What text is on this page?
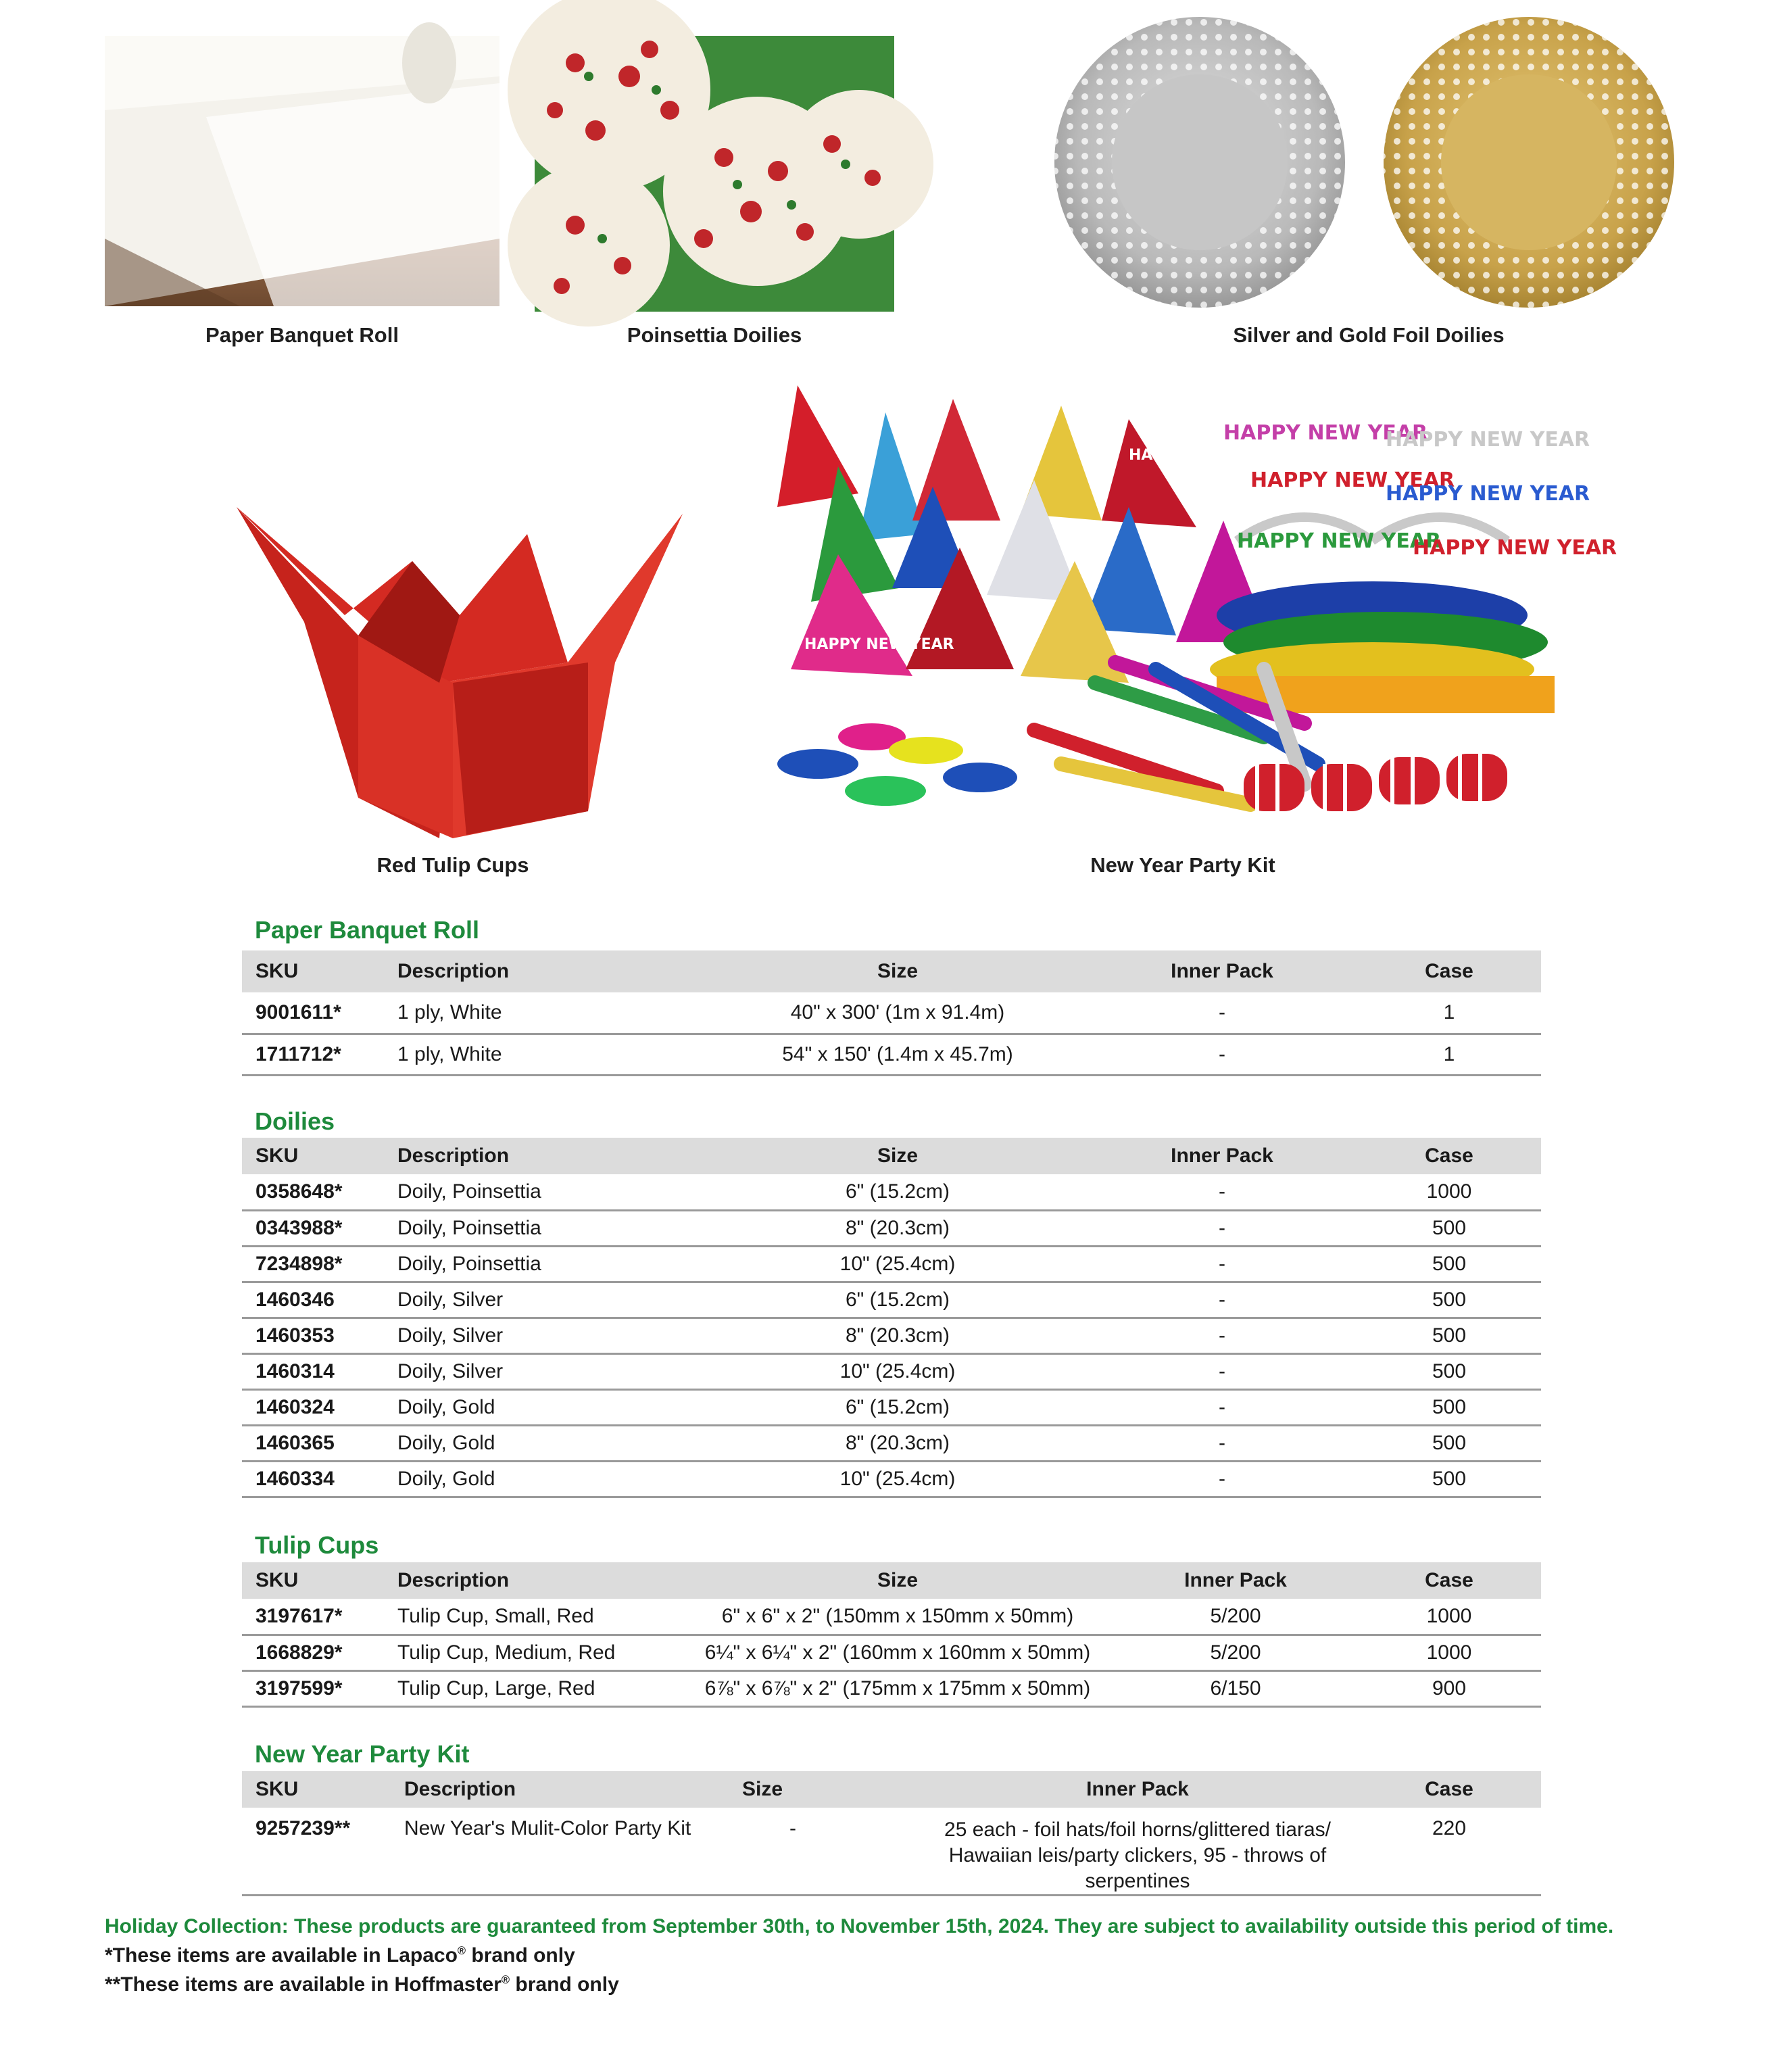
Paper Banquet Roll	Poinsettia Doilies	Silver and Gold Foil Doilies
Red Tulip Cups
HAPPY NEW YEAR
HAPPY NEW YEAR
HAPPY NEW YEAR
HAPPY NEW YEAR
HAPPY NEW YEAR
HAPPY NEW YEAR
HAPPY NEW YEAR
HAPPY NEW YEAR
New Year Party Kit
Paper Banquet Roll
SKU	Description	Size	Inner Pack	Case
9001611*	1 ply, White	40" x 300' (1m x 91.4m)	-	1
1711712*	1 ply, White	54" x 150' (1.4m x 45.7m)	-	1
Doilies
SKU	Description	Size	Inner Pack	Case
0358648*	Doily, Poinsettia	6" (15.2cm)	-	1000
0343988*	Doily, Poinsettia	8" (20.3cm)	-	500
7234898*	Doily, Poinsettia	10" (25.4cm)	-	500
1460346	Doily, Silver	6" (15.2cm)	-	500
1460353	Doily, Silver	8" (20.3cm)	-	500
1460314	Doily, Silver	10" (25.4cm)	-	500
1460324	Doily, Gold	6" (15.2cm)	-	500
1460365	Doily, Gold	8" (20.3cm)	-	500
1460334	Doily, Gold	10" (25.4cm)	-	500
Tulip Cups
SKU	Description	Size	Inner Pack	Case
3197617*	Tulip Cup, Small, Red	6" x 6" x 2" (150mm x 150mm x 50mm)	5/200	1000
1668829*	Tulip Cup, Medium, Red	6¼" x 6¼" x 2" (160mm x 160mm x 50mm)	5/200	1000
3197599*	Tulip Cup, Large, Red	6⅞" x 6⅞" x 2" (175mm x 175mm x 50mm)	6/150	900
New Year Party Kit
SKU	Description	Size	Inner Pack	Case
9257239**	New Year's Mulit-Color Party Kit	-	25 each - foil hats/foil horns/glittered tiaras/
Hawaiian leis/party clickers, 95 - throws of serpentines	220
Holiday Collection: These products are guaranteed from September 30th, to November 15th, 2024. They are subject to availability outside this period of time.
*These items are available in Lapaco® brand only
**These items are available in Hoffmaster® brand only
